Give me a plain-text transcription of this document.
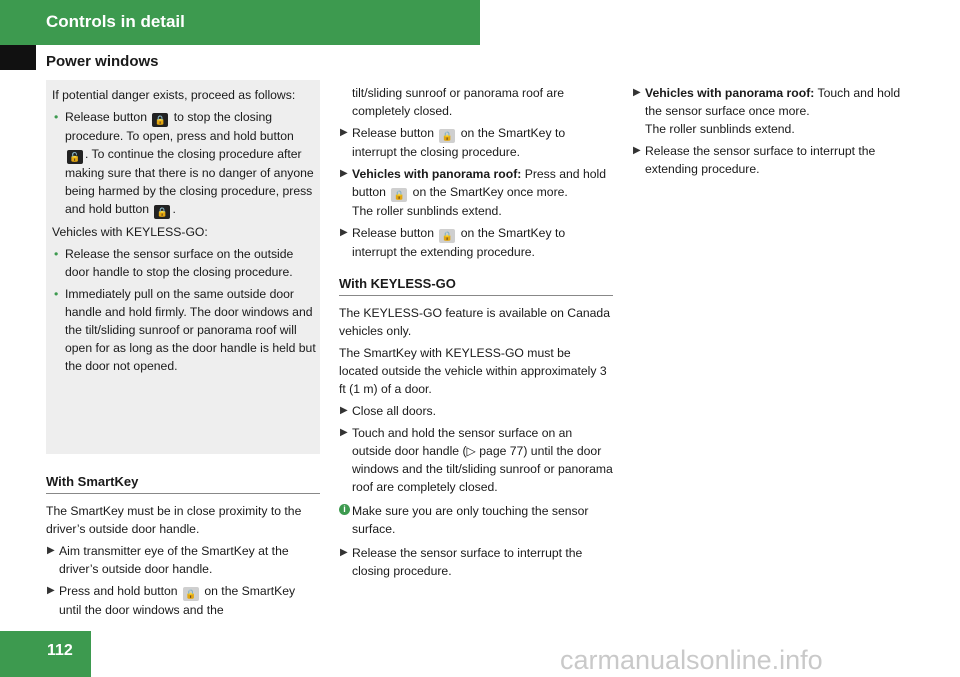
Controls in detail
Power windows

If potential danger exists, proceed as follows:

• Release button 🔒 to stop the closing procedure. To open, press and hold button 🔓 . To continue the closing procedure after making sure that there is no danger of anyone being harmed by the closing procedure, press and hold button 🔒 .

Vehicles with KEYLESS-GO:

• Release the sensor surface on the outside door handle to stop the closing procedure.
• Immediately pull on the same outside door handle and hold firmly. The door windows and the tilt/sliding sunroof or panorama roof will open for as long as the door handle is held but the door not opened.
With SmartKey

The SmartKey must be in close proximity to the driver’s outside door handle.

▶ Aim transmitter eye of the SmartKey at the driver’s outside door handle.
▶ Press and hold button 🔒 on the SmartKey until the door windows and the

tilt/sliding sunroof or panorama roof are completely closed.

▶ Release button 🔒 on the SmartKey to interrupt the closing procedure.
▶ Vehicles with panorama roof: Press and hold button 🔒 on the SmartKey once more.
The roller sunblinds extend.
▶ Release button 🔒 on the SmartKey to interrupt the extending procedure.
With KEYLESS-GO

The KEYLESS-GO feature is available on Canada vehicles only.

The SmartKey with KEYLESS-GO must be located outside the vehicle within approximately 3 ft (1 m) of a door.

▶ Close all doors.
▶ Touch and hold the sensor surface on an outside door handle (▷ page 77) until the door windows and the tilt/sliding sunroof or panorama roof are completely closed.
i Make sure you are only touching the sensor surface.
▶ Release the sensor surface to interrupt the closing procedure.
▶ Vehicles with panorama roof: Touch and hold the sensor surface once more.
The roller sunblinds extend.
▶ Release the sensor surface to interrupt the extending procedure.
112	carmanualsonline.info
